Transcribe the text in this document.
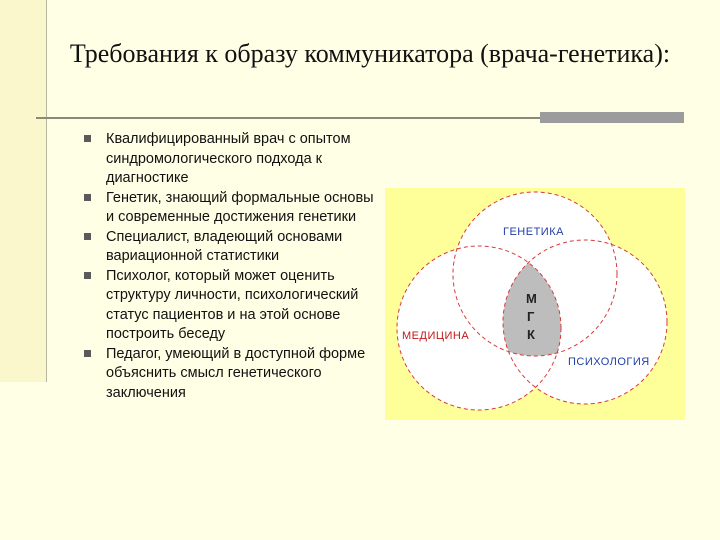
Требования к образу коммуникатора (врача-генетика):
Квалифицированный врач с опытом синдромологического подхода к диагностике
Генетик, знающий формальные основы и современные достижения генетики
Специалист, владеющий основами вариационной статистики
Психолог, который может оценить структуру личности, психологический статус пациентов и на этой основе построить беседу
Педагог, умеющий в доступной форме объяснить смысл генетического заключения
ГЕНЕТИКА
МЕДИЦИНА
ПСИХОЛОГИЯ
М
Г
К
